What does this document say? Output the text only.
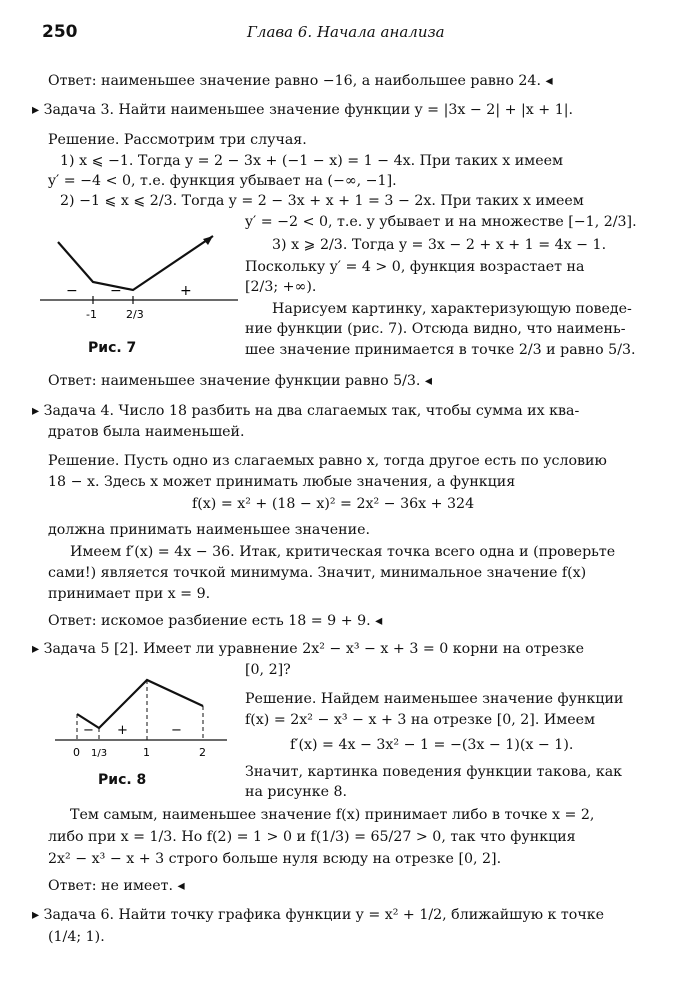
250	Глава 6. Начала анализа
Ответ: наименьшее значение равно −16, а наибольшее равно 24. ◂
▸ Задача 3. Найти наименьшее значение функции y = |3x − 2| + |x + 1|.
Решение. Рассмотрим три случая.
1) x ⩽ −1. Тогда y = 2 − 3x + (−1 − x) = 1 − 4x. При таких x имеем
y′ = −4 < 0, т.е. функция убывает на (−∞, −1].
2) −1 ⩽ x ⩽ 2/3. Тогда y = 2 − 3x + x + 1 = 3 − 2x. При таких x имеем
y′ = −2 < 0, т.е. y убывает и на множестве [−1, 2/3].
3) x ⩾ 2/3. Тогда y = 3x − 2 + x + 1 = 4x − 1.
Поскольку y′ = 4 > 0, функция возрастает на
[2/3; +∞).
Нарисуем картинку, характеризующую поведе-
ние функции (рис. 7). Отсюда видно, что наимень-
шее значение принимается в точке 2/3 и равно 5/3.
− −	+
-1	2/3
Рис. 7
Ответ: наименьшее значение функции равно 5/3. ◂
▸ Задача 4. Число 18 разбить на два слагаемых так, чтобы сумма их ква-
дратов была наименьшей.
Решение. Пусть одно из слагаемых равно x, тогда другое есть по условию
18 − x. Здесь x может принимать любые значения, а функция
f(x) = x² + (18 − x)² = 2x² − 36x + 324
должна принимать наименьшее значение.
Имеем f′(x) = 4x − 36. Итак, критическая точка всего одна и (проверьте
сами!) является точкой минимума. Значит, минимальное значение f(x)
принимает при x = 9.
Ответ: искомое разбиение есть 18 = 9 + 9. ◂
▸ Задача 5 [2]. Имеет ли уравнение 2x² − x³ − x + 3 = 0 корни на отрезке
[0, 2]?
Решение. Найдем наименьшее значение функции
f(x) = 2x² − x³ − x + 3 на отрезке [0, 2]. Имеем
f′(x) = 4x − 3x² − 1 = −(3x − 1)(x − 1).
Значит, картинка поведения функции такова, как
на рисунке 8.
− +	−
0 1/3	1	2
Рис. 8
Тем самым, наименьшее значение f(x) принимает либо в точке x = 2,
либо при x = 1/3. Но f(2) = 1 > 0 и f(1/3) = 65/27 > 0, так что функция
2x² − x³ − x + 3 строго больше нуля всюду на отрезке [0, 2].
Ответ: не имеет. ◂
▸ Задача 6. Найти точку графика функции y = x² + 1/2, ближайшую к точке
(1/4; 1).
